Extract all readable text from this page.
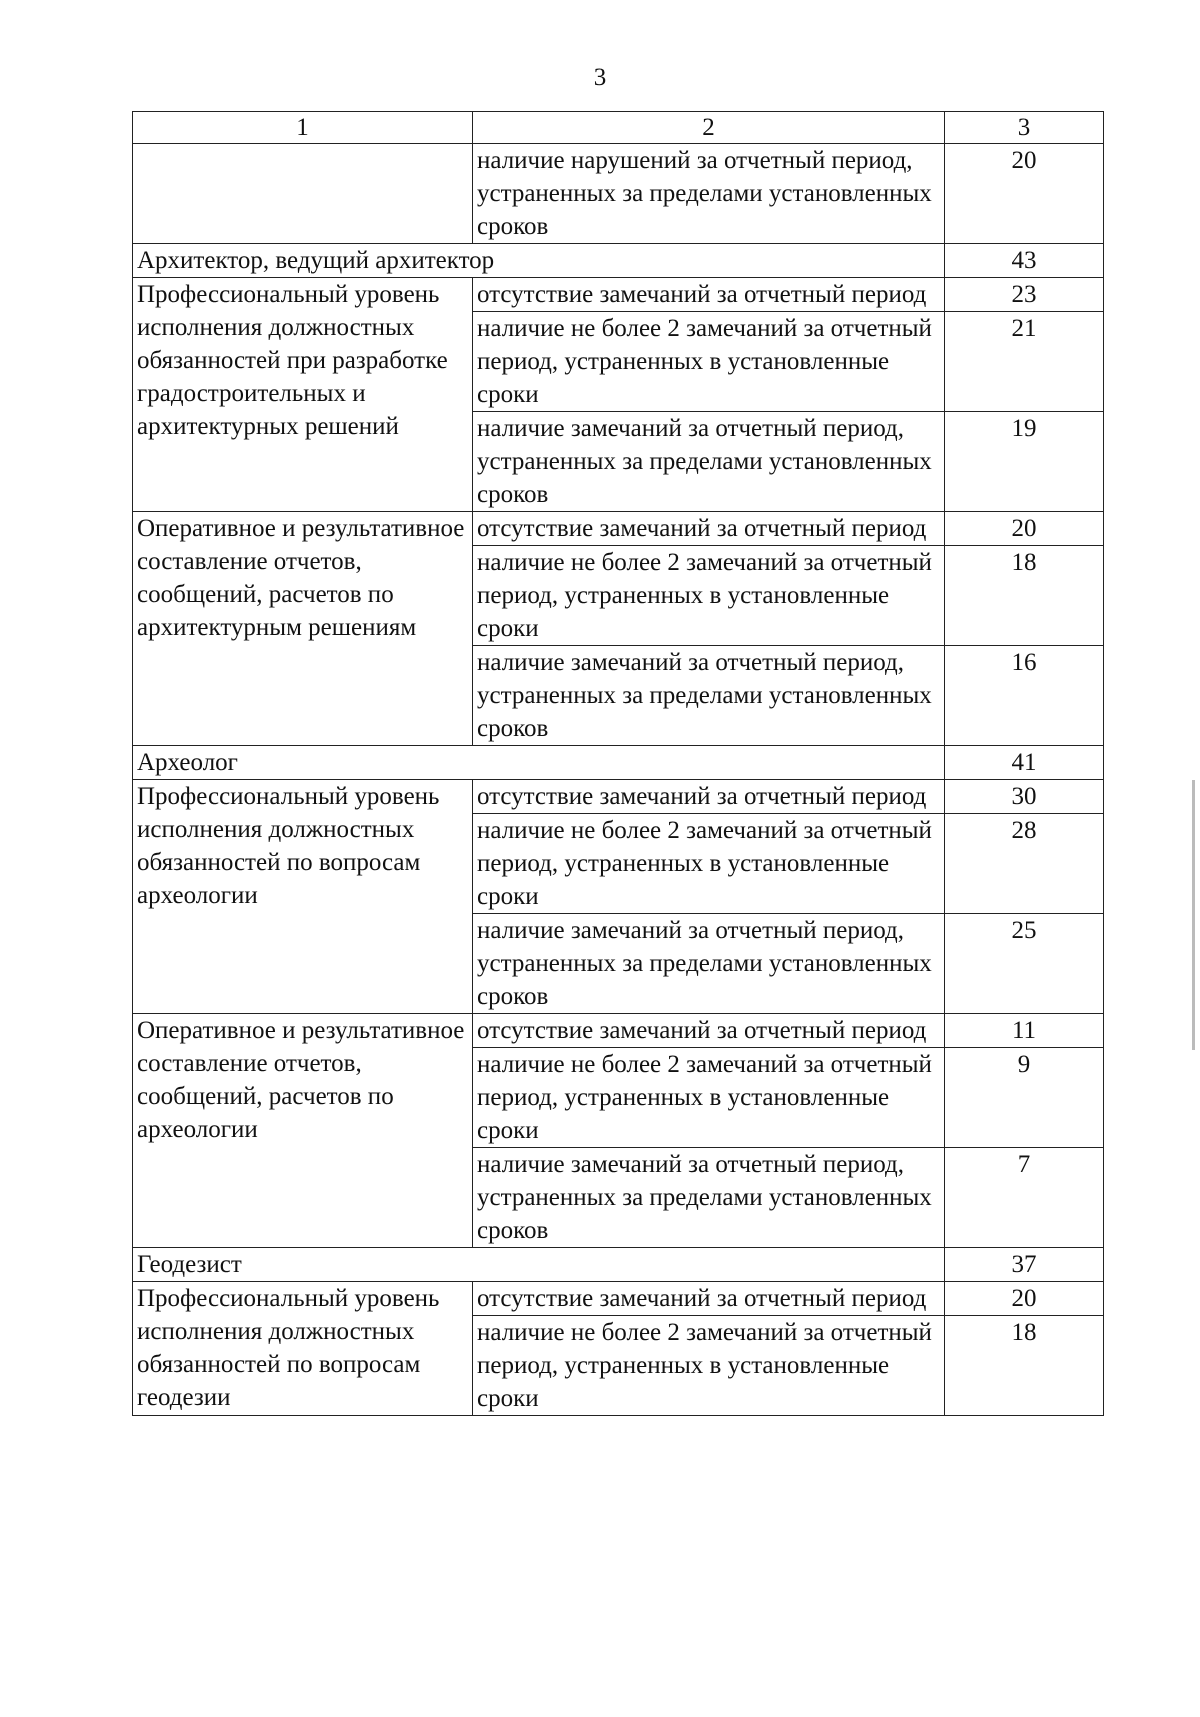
3
1	2	3
	наличие нарушений за отчетный период, устраненных за пределами установленных сроков	20
Архитектор, ведущий архитектор		43
Профессиональный уровень исполнения должностных обязанностей при разработке градостроительных и архитектурных решений	отсутствие замечаний за отчетный период	23
	наличие не более 2 замечаний за отчетный период, устраненных в установленные сроки	21
	наличие замечаний за отчетный период, устраненных за пределами установленных сроков	19
Оперативное и результативное составление отчетов, сообщений, расчетов по архитектурным решениям	отсутствие замечаний за отчетный период	20
	наличие не более 2 замечаний за отчетный период, устраненных в установленные сроки	18
	наличие замечаний за отчетный период, устраненных за пределами установленных сроков	16
Археолог		41
Профессиональный уровень исполнения должностных обязанностей по вопросам археологии	отсутствие замечаний за отчетный период	30
	наличие не более 2 замечаний за отчетный период, устраненных в установленные сроки	28
	наличие замечаний за отчетный период, устраненных за пределами установленных сроков	25
Оперативное и результативное составление отчетов, сообщений, расчетов по археологии	отсутствие замечаний за отчетный период	11
	наличие не более 2 замечаний за отчетный период, устраненных в установленные сроки	9
	наличие замечаний за отчетный период, устраненных за пределами установленных сроков	7
Геодезист		37
Профессиональный уровень исполнения должностных обязанностей по вопросам геодезии	отсутствие замечаний за отчетный период	20
	наличие не более 2 замечаний за отчетный период, устраненных в установленные сроки	18
